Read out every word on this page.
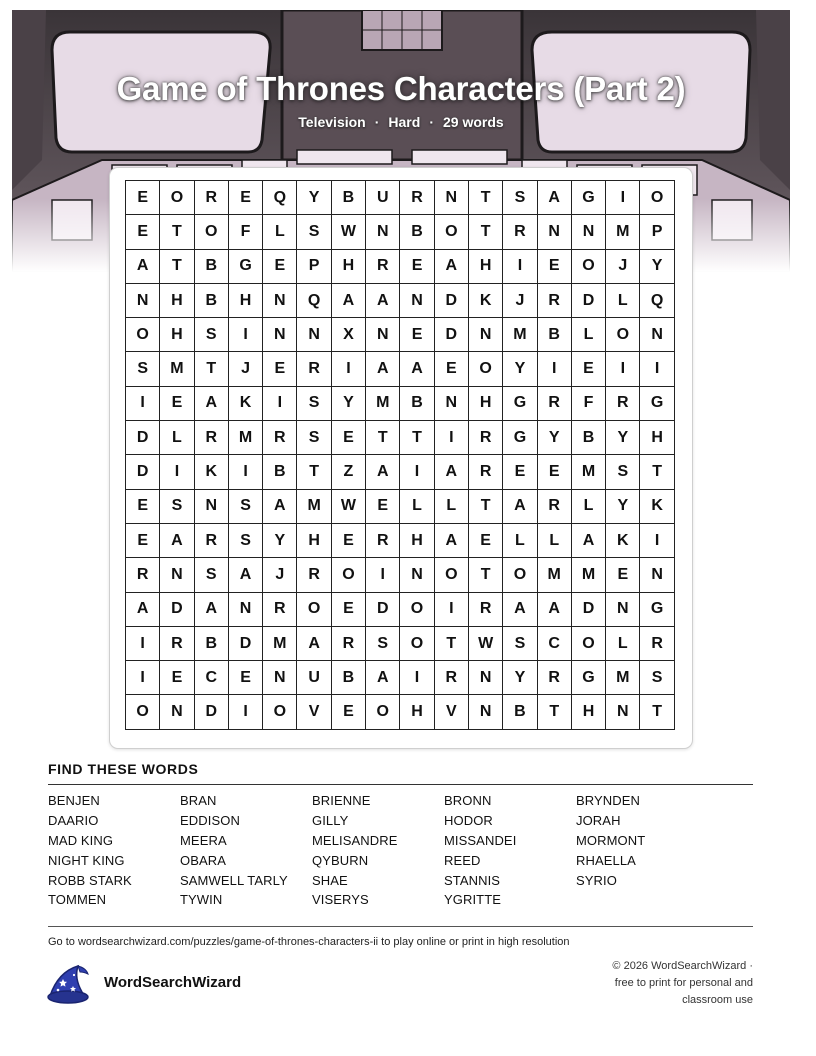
Game of Thrones Characters (Part 2)
Television · Hard · 29 words
E	O	R	E	Q	Y	B	U	R	N	T	S	A	G	I	O
E	T	O	F	L	S	W	N	B	O	T	R	N	N	M	P
A	T	B	G	E	P	H	R	E	A	H	I	E	O	J	Y
N	H	B	H	N	Q	A	A	N	D	K	J	R	D	L	Q
O	H	S	I	N	N	X	N	E	D	N	M	B	L	O	N
S	M	T	J	E	R	I	A	A	E	O	Y	I	E	I	I
I	E	A	K	I	S	Y	M	B	N	H	G	R	F	R	G
D	L	R	M	R	S	E	T	T	I	R	G	Y	B	Y	H
D	I	K	I	B	T	Z	A	I	A	R	E	E	M	S	T
E	S	N	S	A	M	W	E	L	L	T	A	R	L	Y	K
E	A	R	S	Y	H	E	R	H	A	E	L	L	A	K	I
R	N	S	A	J	R	O	I	N	O	T	O	M	M	E	N
A	D	A	N	R	O	E	D	O	I	R	A	A	D	N	G
I	R	B	D	M	A	R	S	O	T	W	S	C	O	L	R
I	E	C	E	N	U	B	A	I	R	N	Y	R	G	M	S
O	N	D	I	O	V	E	O	H	V	N	B	T	H	N	T
FIND THESE WORDS
BENJEN	BRAN	BRIENNE	BRONN	BRYNDEN
DAARIO	EDDISON	GILLY	HODOR	JORAH
MAD KING	MEERA	MELISANDRE	MISSANDEI	MORMONT
NIGHT KING	OBARA	QYBURN	REED	RHAELLA
ROBB STARK	SAMWELL TARLY	SHAE	STANNIS	SYRIO
TOMMEN	TYWIN	VISERYS	YGRITTE
Go to wordsearchwizard.com/puzzles/game-of-thrones-characters-ii to play online or print in high resolution
WordSearchWizard
© 2026 WordSearchWizard ·
free to print for personal and
classroom use
